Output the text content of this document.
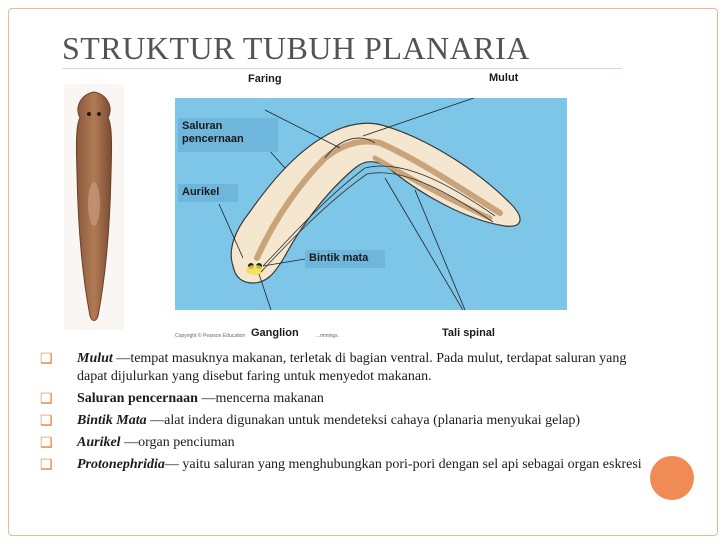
STRUKTUR TUBUH PLANARIA
Faring	Mulut
Saluran pencernaan
Aurikel
Bintik mata
Ganglion	Tali spinal
Copyright © Pearson Education	...mmings.
❑ Mulut —tempat masuknya makanan, terletak di bagian ventral. Pada mulut, terdapat saluran yang dapat dijulurkan yang disebut faring untuk menyedot makanan.
❑ Saluran pencernaan —mencerna makanan
❑ Bintik Mata —alat indera digunakan untuk mendeteksi cahaya (planaria menyukai gelap)
❑ Aurikel —organ penciuman
❑ Protonephridia— yaitu saluran yang menghubungkan pori-pori dengan sel api sebagai organ eskresi
